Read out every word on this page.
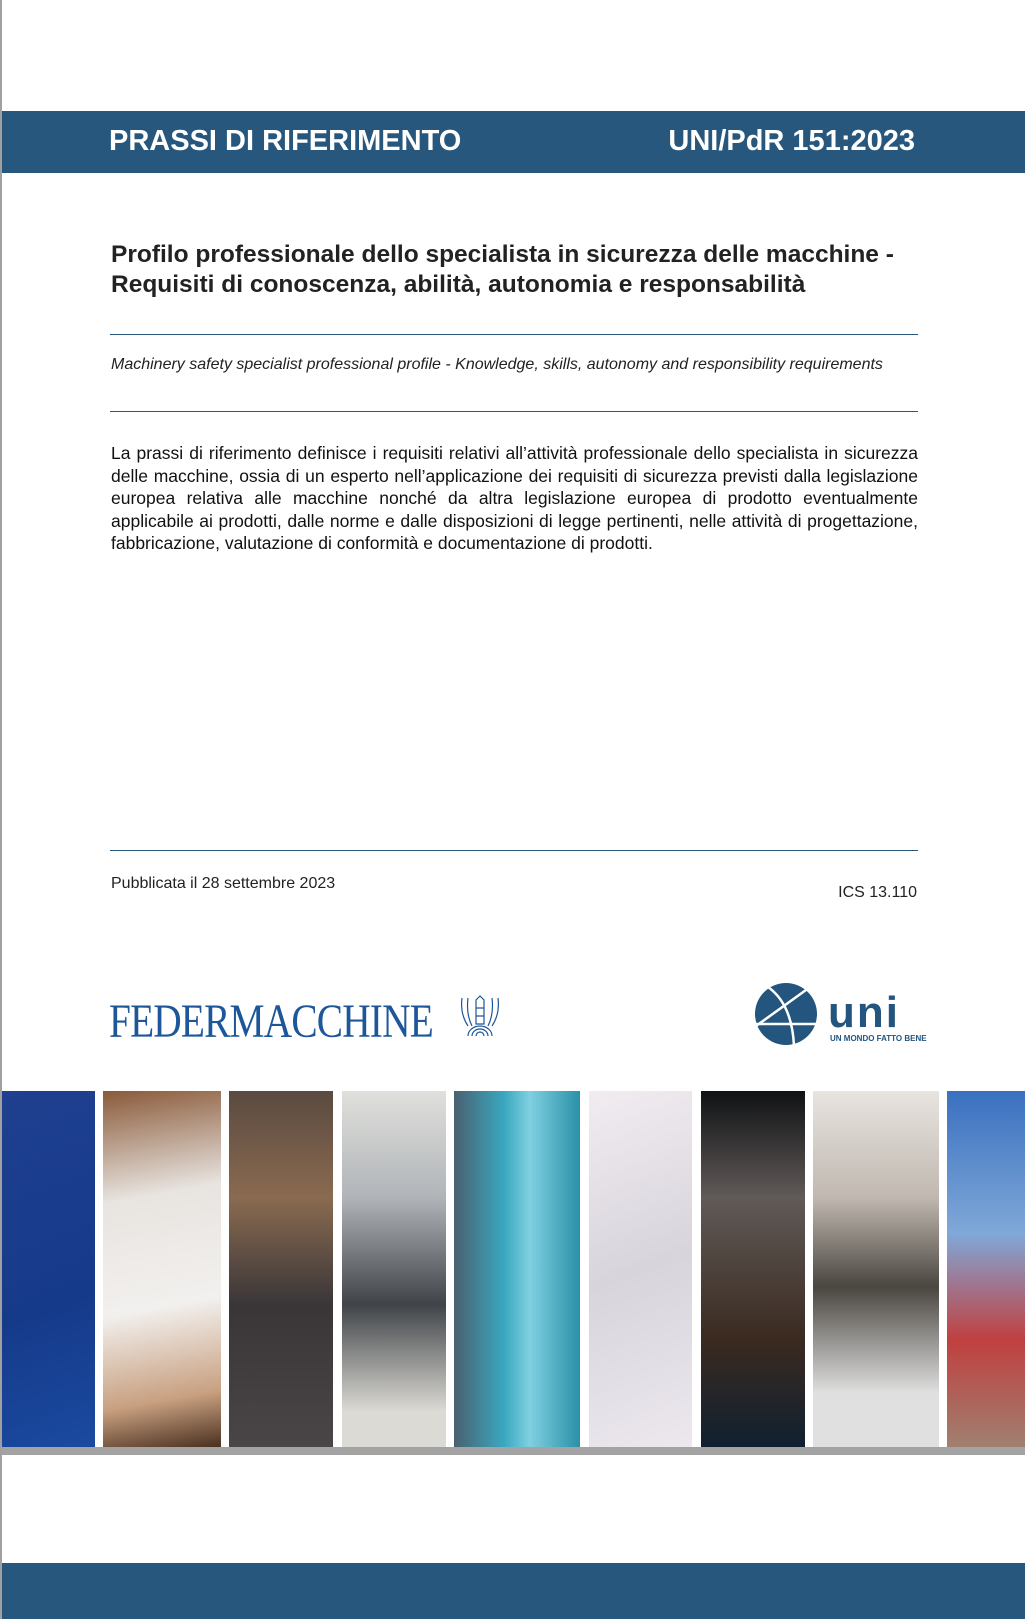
PRASSI DI RIFERIMENTO	UNI/PdR 151:2023
Profilo professionale dello specialista in sicurezza delle macchine - Requisiti di conoscenza, abilità, autonomia e responsabilità
Machinery safety specialist professional profile - Knowledge, skills, autonomy and responsibility requirements
La prassi di riferimento definisce i requisiti relativi all’attività professionale dello specialista in sicurezza delle macchine, ossia di un esperto nell’applicazione dei requisiti di sicurezza previsti dalla legislazione europea relativa alle macchine nonché da altra legislazione europea di prodotto eventualmente applicabile ai prodotti, dalle norme e dalle disposizioni di legge pertinenti, nelle attività di progettazione, fabbricazione, valutazione di conformità e documentazione di prodotti.
Pubblicata il 28 settembre 2023
ICS 13.110
FEDERMACCHINE	uni
UN MONDO FATTO BENE
